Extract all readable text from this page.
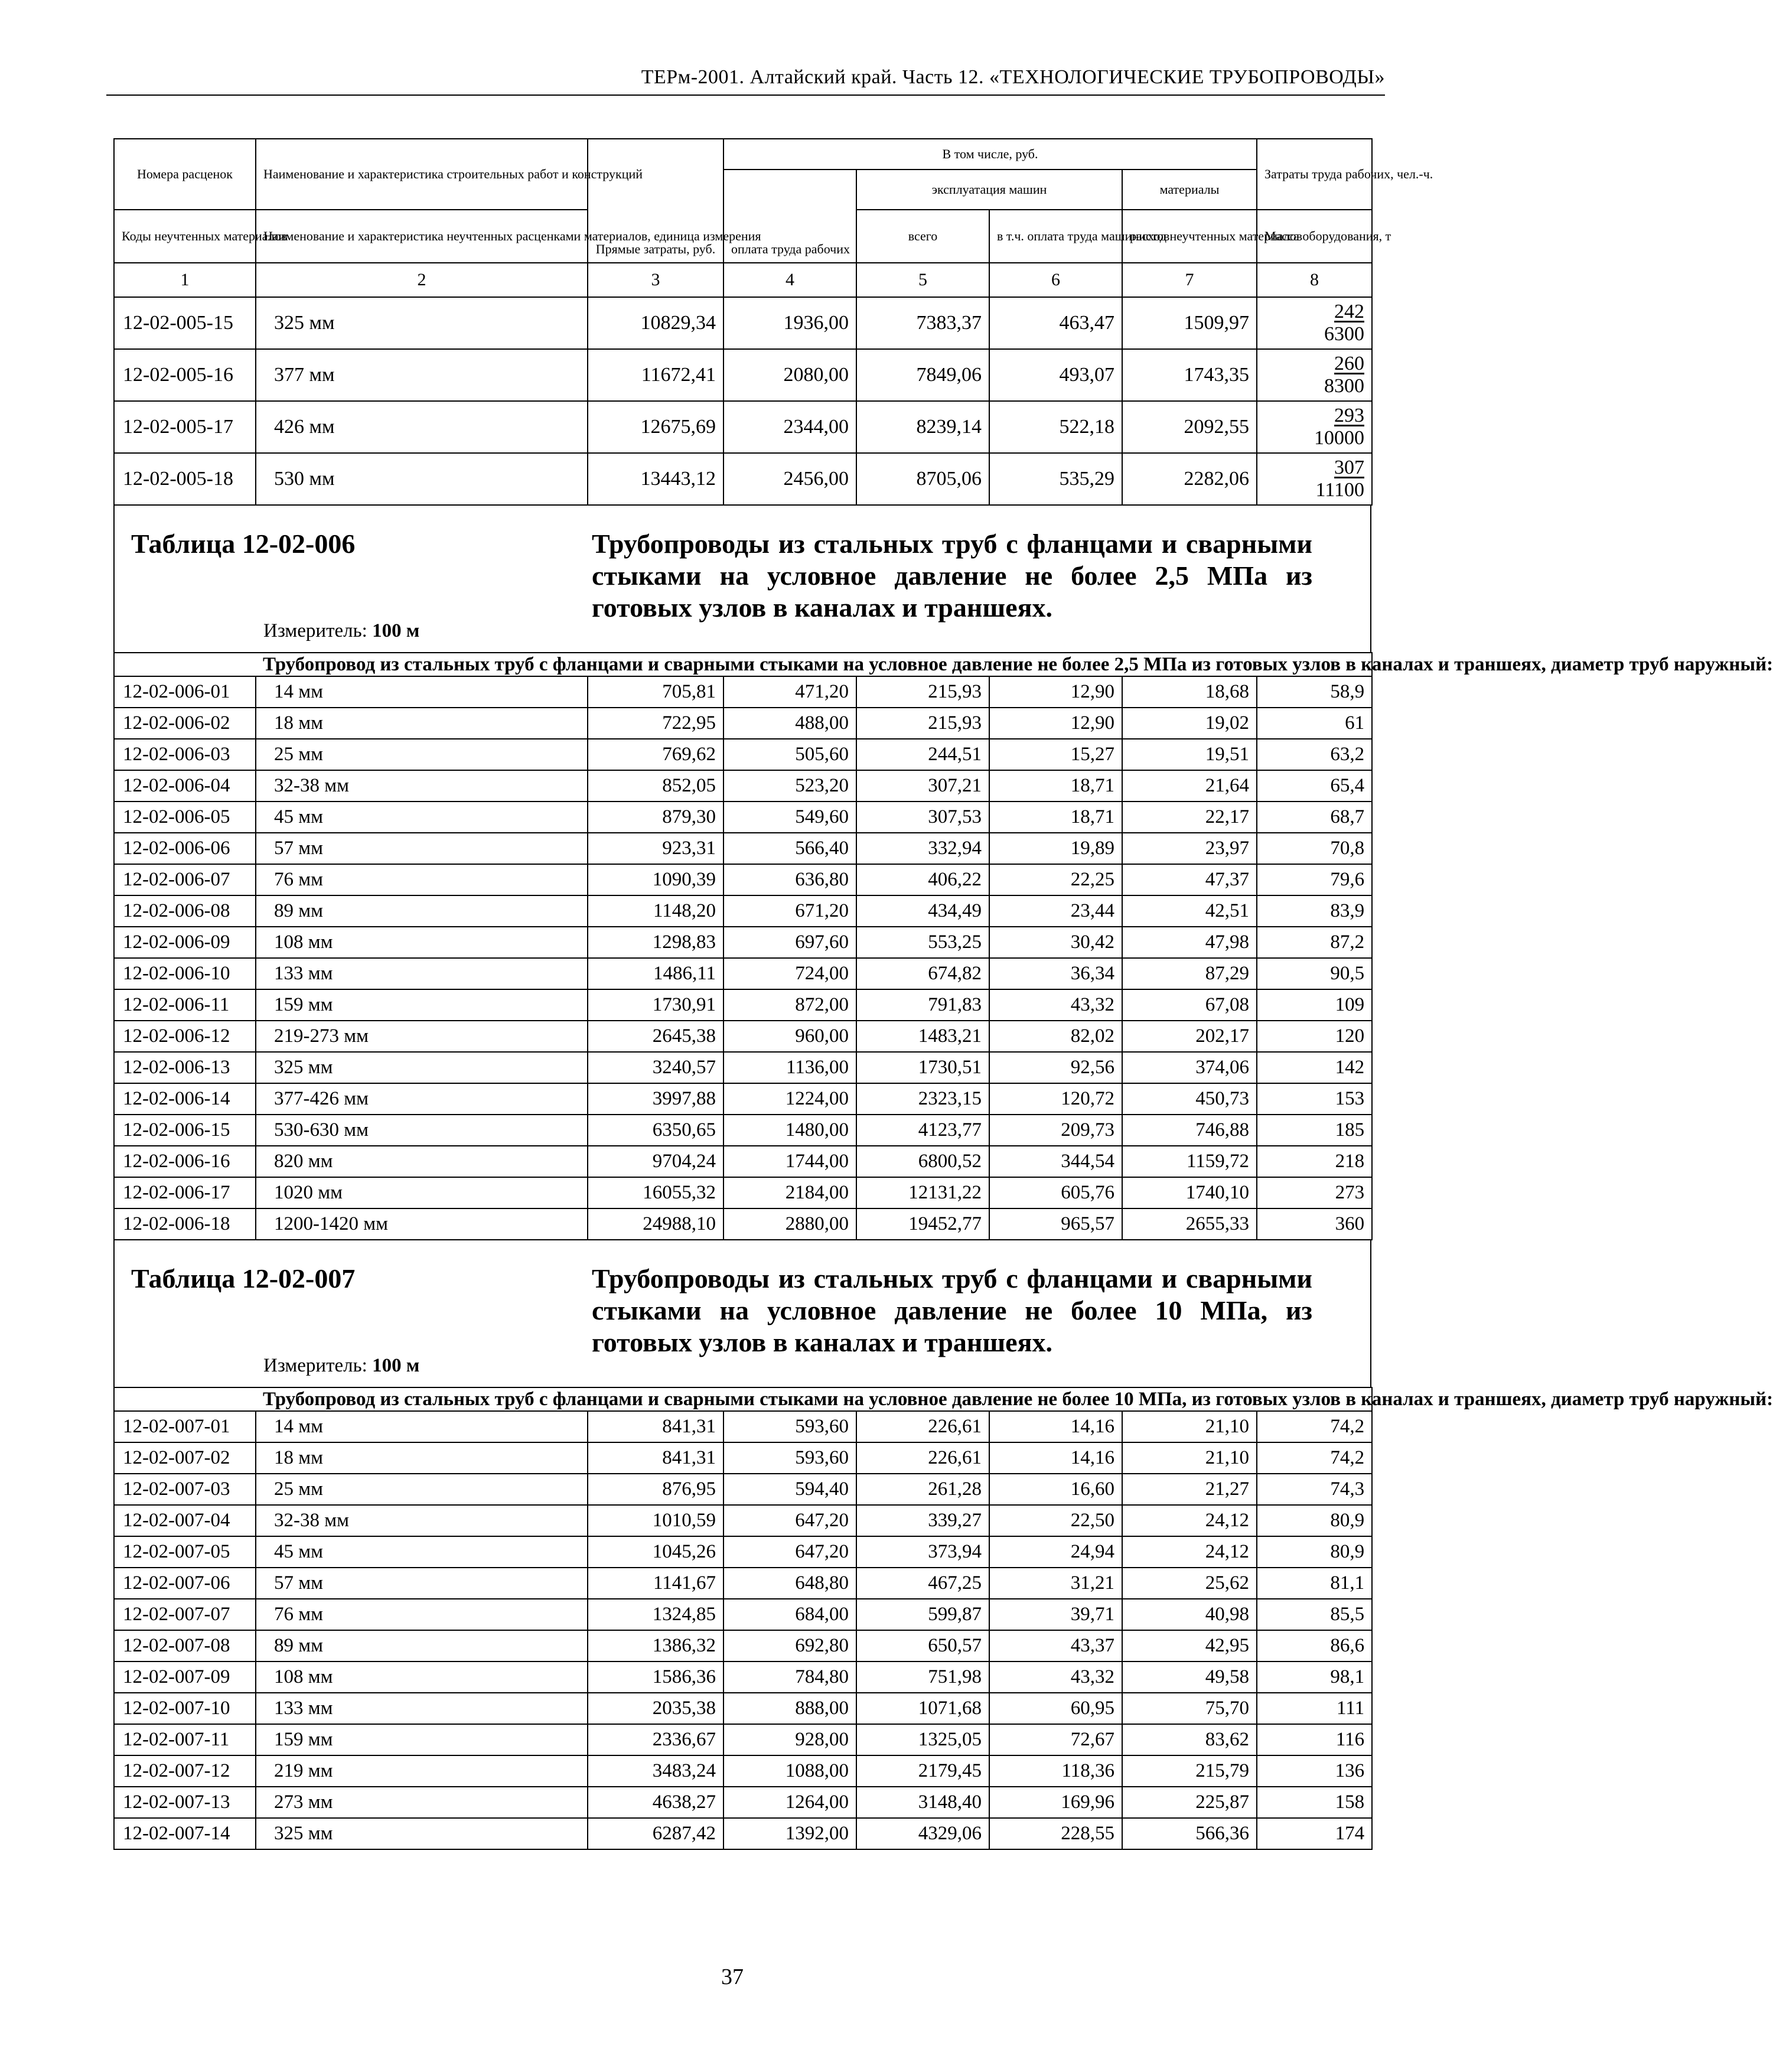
ТЕРм-2001. Алтайский край. Часть 12. «ТЕХНОЛОГИЧЕСКИЕ ТРУБОПРОВОДЫ»
Номера расценок	Наименование и характеристика строительных работ и конструкций	Прямые затраты, руб.	В том числе, руб.				Затраты труда рабочих, чел.-ч.
			оплата труда рабочих	эксплуатация машин		материалы	
Коды неучтенных материалов	Наименование и характеристика неучтенных расценками материалов, единица измерения			всего	в т.ч. оплата труда машинистов	расход неучтенных материалов	Масса оборудования, т
1	2	3	4	5	6	7	8
12-02-005-15	325 мм	10829,34	1936,00	7383,37	463,47	1509,97	$\frac{242}{6300}$

12-02-005-16	377 мм	11672,41	2080,00	7849,06	493,07	1743,35	$\frac{260}{8300}$

12-02-005-17	426 мм	12675,69	2344,00	8239,14	522,18	2092,55	$\frac{293}{10000}$

12-02-005-18	530 мм	13443,12	2456,00	8705,06	535,29	2282,06	$\frac{307}{11100}$
Таблица 12-02-006	Трубопроводы из стальных труб с фланцами и сварными стыками на условное давление не более 2,5 МПа из готовых узлов в каналах и траншеях.
Измеритель: 100 м
	Трубопровод из стальных труб с фланцами и сварными стыками на условное давление не более 2,5 МПа из готовых узлов в каналах и траншеях, диаметр труб наружный:						
12-02-006-01	14 мм	705,81	471,20	215,93	12,90	18,68	58,9
12-02-006-02	18 мм	722,95	488,00	215,93	12,90	19,02	61
12-02-006-03	25 мм	769,62	505,60	244,51	15,27	19,51	63,2
12-02-006-04	32-38 мм	852,05	523,20	307,21	18,71	21,64	65,4
12-02-006-05	45 мм	879,30	549,60	307,53	18,71	22,17	68,7
12-02-006-06	57 мм	923,31	566,40	332,94	19,89	23,97	70,8
12-02-006-07	76 мм	1090,39	636,80	406,22	22,25	47,37	79,6
12-02-006-08	89 мм	1148,20	671,20	434,49	23,44	42,51	83,9
12-02-006-09	108 мм	1298,83	697,60	553,25	30,42	47,98	87,2
12-02-006-10	133 мм	1486,11	724,00	674,82	36,34	87,29	90,5
12-02-006-11	159 мм	1730,91	872,00	791,83	43,32	67,08	109
12-02-006-12	219-273 мм	2645,38	960,00	1483,21	82,02	202,17	120
12-02-006-13	325 мм	3240,57	1136,00	1730,51	92,56	374,06	142
12-02-006-14	377-426 мм	3997,88	1224,00	2323,15	120,72	450,73	153
12-02-006-15	530-630 мм	6350,65	1480,00	4123,77	209,73	746,88	185
12-02-006-16	820 мм	9704,24	1744,00	6800,52	344,54	1159,72	218
12-02-006-17	1020 мм	16055,32	2184,00	12131,22	605,76	1740,10	273
12-02-006-18	1200-1420 мм	24988,10	2880,00	19452,77	965,57	2655,33	360
Таблица 12-02-007	Трубопроводы из стальных труб с фланцами и сварными стыками на условное давление не более 10 МПа, из готовых узлов в каналах и траншеях.
Измеритель: 100 м
	Трубопровод из стальных труб с фланцами и сварными стыками на условное давление не более 10 МПа, из готовых узлов в каналах и траншеях, диаметр труб наружный:						
12-02-007-01	14 мм	841,31	593,60	226,61	14,16	21,10	74,2
12-02-007-02	18 мм	841,31	593,60	226,61	14,16	21,10	74,2
12-02-007-03	25 мм	876,95	594,40	261,28	16,60	21,27	74,3
12-02-007-04	32-38 мм	1010,59	647,20	339,27	22,50	24,12	80,9
12-02-007-05	45 мм	1045,26	647,20	373,94	24,94	24,12	80,9
12-02-007-06	57 мм	1141,67	648,80	467,25	31,21	25,62	81,1
12-02-007-07	76 мм	1324,85	684,00	599,87	39,71	40,98	85,5
12-02-007-08	89 мм	1386,32	692,80	650,57	43,37	42,95	86,6
12-02-007-09	108 мм	1586,36	784,80	751,98	43,32	49,58	98,1
12-02-007-10	133 мм	2035,38	888,00	1071,68	60,95	75,70	111
12-02-007-11	159 мм	2336,67	928,00	1325,05	72,67	83,62	116
12-02-007-12	219 мм	3483,24	1088,00	2179,45	118,36	215,79	136
12-02-007-13	273 мм	4638,27	1264,00	3148,40	169,96	225,87	158
12-02-007-14	325 мм	6287,42	1392,00	4329,06	228,55	566,36	174
37
